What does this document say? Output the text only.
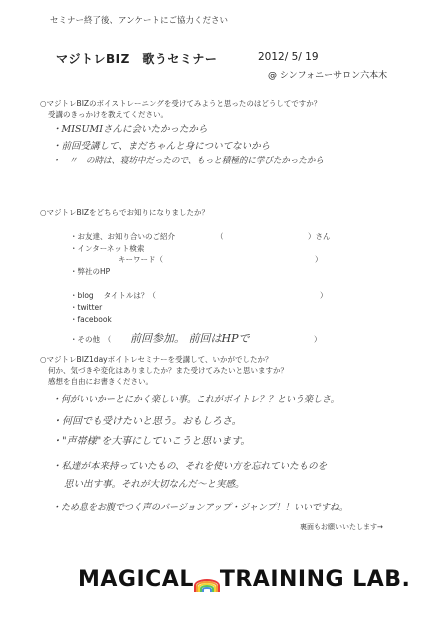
セミナー終了後、アンケートにご協力ください
マジトレBIZ　歌うセミナー	2012/ 5/ 19
@ シンフォニーサロン六本木
○マジトレBIZのボイストレーニングを受けてみようと思ったのはどうしてですか？
受講のきっかけを教えてください。
・MISUMIさんに会いたかったから
・前回受講して、まだちゃんと身についてないから
・　〃　の時は、寝坊中だったので、もっと積極的に学びたかったから
○マジトレBIZをどちらでお知りになりましたか？
・お友達、お知り合いのご紹介	（	）さん
・インターネット検索
キーワード（	）
・弊社のHP
・blog　 タイトルは？（	）
・twitter
・facebook
・その他　（ 前回参加。 前回はHPで	）
○マジトレBIZ1dayボイトレセミナーを受講して、いかがでしたか？
何か、気づきや変化はありましたか？また受けてみたいと思いますか？
感想を自由にお書きください。
・何がいいかーとにかく楽しい事。これがボイトレ？？という楽しさ。
・何回でも受けたいと思う。おもしろさ。
・"声帯様"を大事にしていこうと思います。
・私達が本来持っていたもの、それを使い方を忘れていたものを
思い出す事。それが大切なんだ～と実感。
・ため息をお腹でつく声のバージョンアップ・ジャンプ！！いいですね。
裏面もお願いいたします→
MAGICAL TRAINING LAB.
